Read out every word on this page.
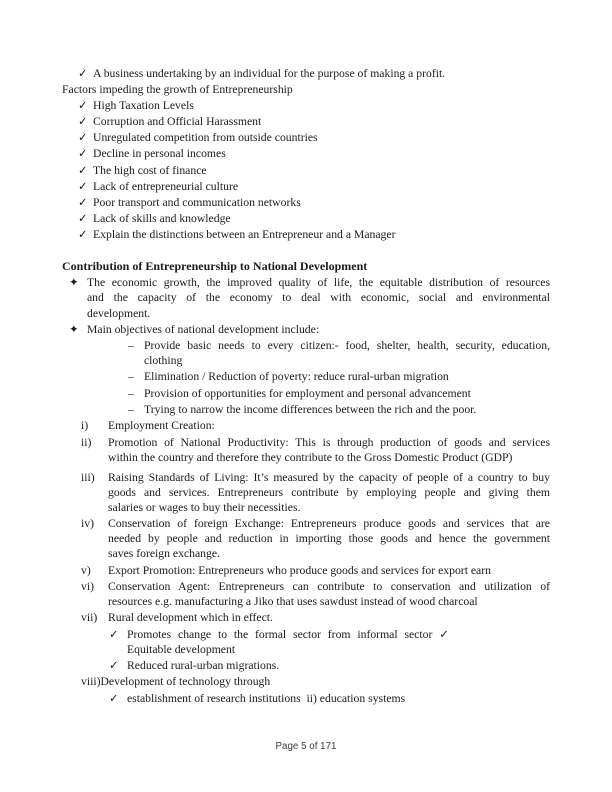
✓ A business undertaking by an individual for the purpose of making a profit.
Factors impeding the growth of Entrepreneurship
✓ High Taxation Levels
✓ Corruption and Official Harassment
✓ Unregulated competition from outside countries
✓ Decline in personal incomes
✓ The high cost of finance
✓ Lack of entrepreneurial culture
✓ Poor transport and communication networks
✓ Lack of skills and knowledge
✓ Explain the distinctions between an Entrepreneur and a Manager
Contribution of Entrepreneurship to National Development
✦ The economic growth, the improved quality of life, the equitable distribution of resources
and the capacity of the economy to deal with economic, social and environmental
development.
✦ Main objectives of national development include:
– Provide basic needs to every citizen:- food, shelter, health, security, education,
clothing
– Elimination / Reduction of poverty: reduce rural-urban migration
– Provision of opportunities for employment and personal advancement
– Trying to narrow the income differences between the rich and the poor.
i)	Employment Creation:
ii)	Promotion of National Productivity: This is through production of goods and services
within the country and therefore they contribute to the Gross Domestic Product (GDP)
iii)	Raising Standards of Living: It’s measured by the capacity of people of a country to buy
goods and services. Entrepreneurs contribute by employing people and giving them
salaries or wages to buy their necessities.
iv)	Conservation of foreign Exchange: Entrepreneurs produce goods and services that are
needed by people and reduction in importing those goods and hence the government
saves foreign exchange.
v)	Export Promotion: Entrepreneurs who produce goods and services for export earn
vi)	Conservation Agent: Entrepreneurs can contribute to conservation and utilization of
resources e.g. manufacturing a Jiko that uses sawdust instead of wood charcoal
vii) Rural development which in effect.
✓ Promotes change to the formal sector from informal sector ✓
Equitable development
✓ Reduced rural-urban migrations.
viii) Development of technology through
✓ establishment of research institutions  ii) education systems
Page 5 of 171
